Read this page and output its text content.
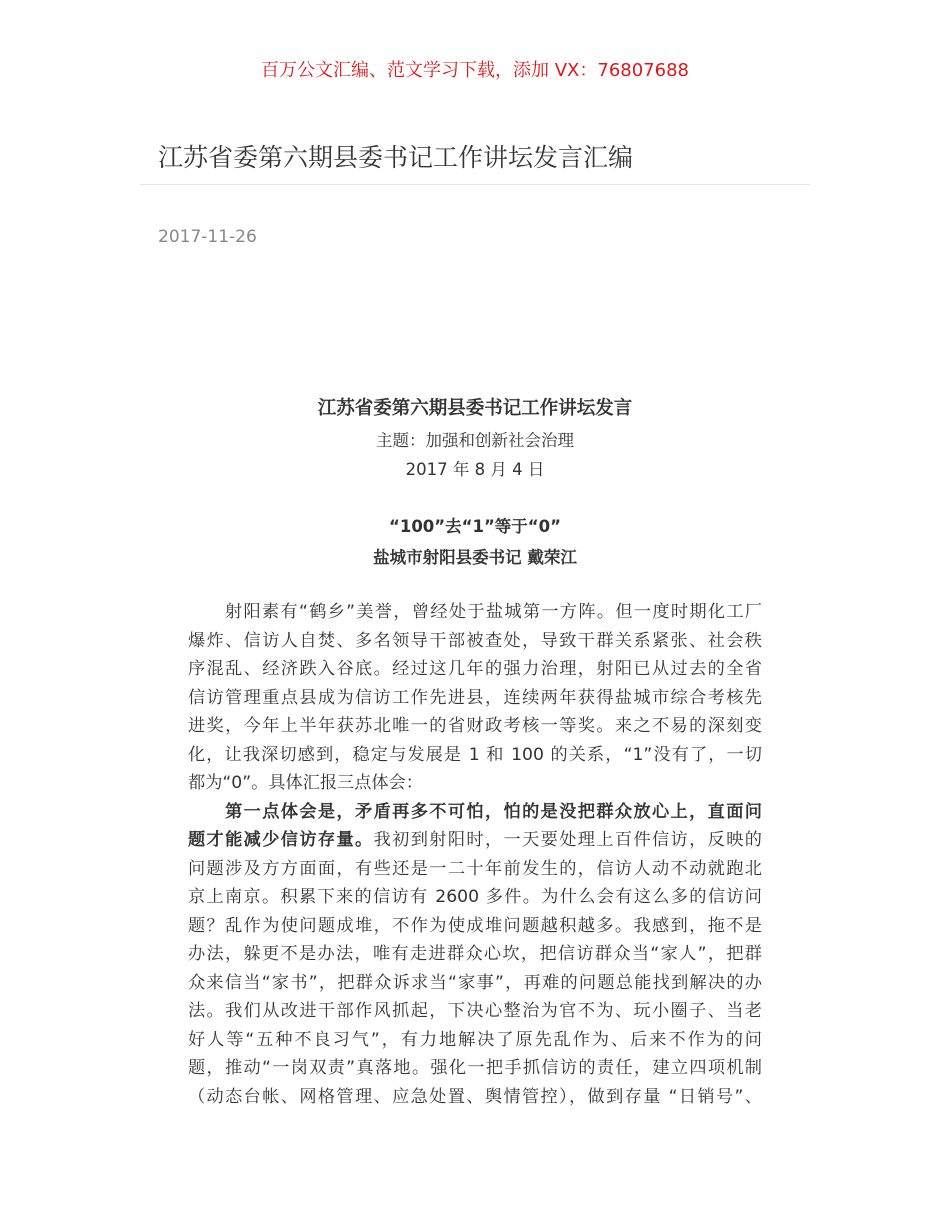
百万公文汇编、范文学习下载，添加 VX：76807688
江苏省委第六期县委书记工作讲坛发言汇编
2017-11-26
江苏省委第六期县委书记工作讲坛发言
主题：加强和创新社会治理
2017 年 8 月 4 日
“100”去“1”等于“0”
盐城市射阳县委书记 戴荣江
　　射阳素有“鹤乡”美誉，曾经处于盐城第一方阵。但一度时期化工厂
爆炸、信访人自焚、多名领导干部被查处，导致干群关系紧张、社会秩
序混乱、经济跌入谷底。经过这几年的强力治理，射阳已从过去的全省
信访管理重点县成为信访工作先进县，连续两年获得盐城市综合考核先
进奖，今年上半年获苏北唯一的省财政考核一等奖。来之不易的深刻变
化，让我深切感到，稳定与发展是 1 和 100 的关系，“1”没有了，一切
都为“0”。具体汇报三点体会：
　　第一点体会是，矛盾再多不可怕，怕的是没把群众放心上，直面问
题才能减少信访存量。我初到射阳时，一天要处理上百件信访，反映的
问题涉及方方面面，有些还是一二十年前发生的，信访人动不动就跑北
京上南京。积累下来的信访有 2600 多件。为什么会有这么多的信访问
题？乱作为使问题成堆，不作为使成堆问题越积越多。我感到，拖不是
办法，躲更不是办法，唯有走进群众心坎，把信访群众当“家人”，把群
众来信当“家书”，把群众诉求当“家事”，再难的问题总能找到解决的办
法。我们从改进干部作风抓起，下决心整治为官不为、玩小圈子、当老
好人等“五种不良习气”，有力地解决了原先乱作为、后来不作为的问
题，推动“一岗双责”真落地。强化一把手抓信访的责任，建立四项机制
（动态台帐、网格管理、应急处置、舆情管控），做到存量 “日销号”、
